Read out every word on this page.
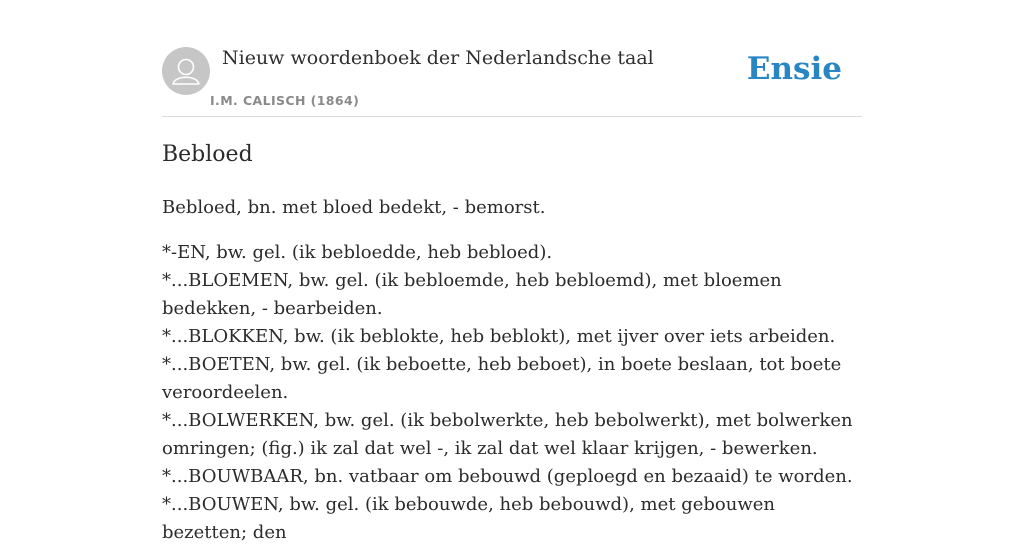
Nieuw woordenboek der Nederlandsche taal
I.M. CALISCH (1864)
Ensie
Bebloed

Bebloed, bn. met bloed bedekt, - bemorst.

*-EN, bw. gel. (ik bebloedde, heb bebloed).
*...BLOEMEN, bw. gel. (ik bebloemde, heb bebloemd), met bloemen bedekken, - bearbeiden.
*...BLOKKEN, bw. (ik beblokte, heb beblokt), met ijver over iets arbeiden.
*...BOETEN, bw. gel. (ik beboette, heb beboet), in boete beslaan, tot boete veroordeelen.
*...BOLWERKEN, bw. gel. (ik bebolwerkte, heb bebolwerkt), met bolwerken omringen; (fig.) ik zal dat wel -, ik zal dat wel klaar krijgen, - bewerken.
*...BOUWBAAR, bn. vatbaar om bebouwd (geploegd en bezaaid) te worden.
*...BOUWEN, bw. gel. (ik bebouwde, heb bebouwd), met gebouwen bezetten; den
